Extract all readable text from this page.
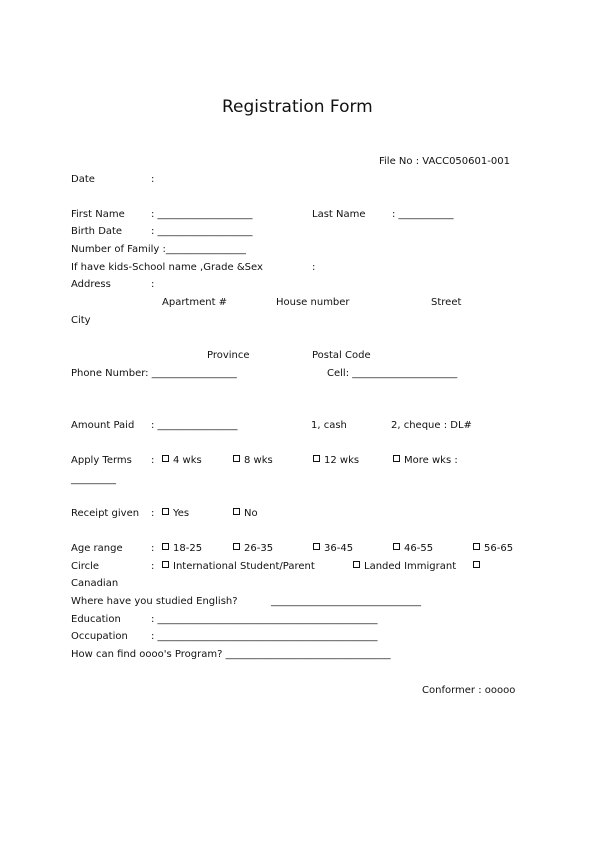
Registration Form
File No : VACC050601-001
Date	:
First Name	: ___________________	Last Name	: ___________
Birth Date	: ___________________
Number of Family :________________
If have kids-School name ,Grade &Sex	:
Address	:
Apartment #	House number	Street
City
Province	Postal Code
Phone Number: _________________	Cell: _____________________
Amount Paid : ________________	1, cash	2, cheque : DL#
Apply Terms :	4 wks	8 wks	12 wks	More wks :
_________
Receipt given :	Yes	No
Age range	:	18-25	26-35	36-45	46-55	56-65
Circle	:	International Student/Parent	Landed Immigrant
Canadian
Where have you studied English?	______________________________
Education	: ____________________________________________
Occupation : ____________________________________________
How can find oooo's Program? _________________________________
Conformer : ooooo
